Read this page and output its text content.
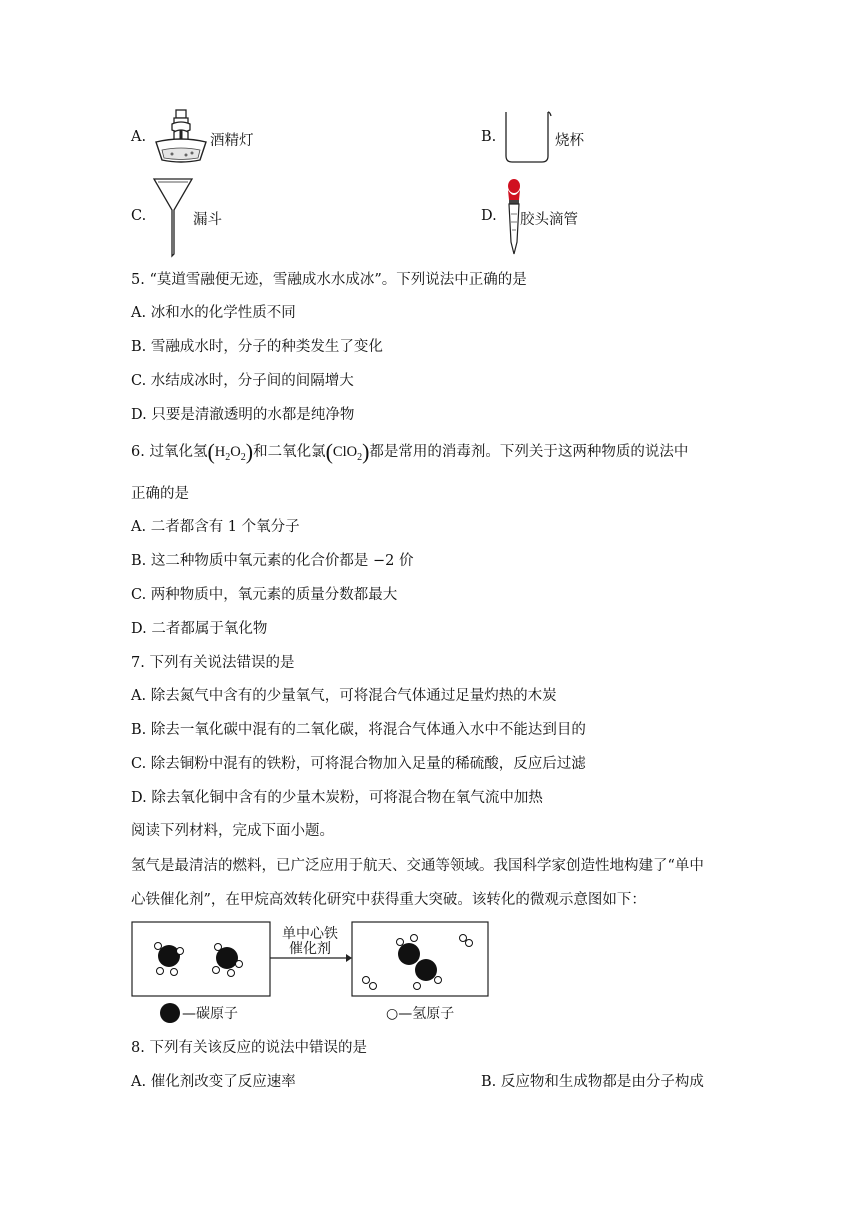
A.	酒精灯	B.	烧杯
C.	漏斗	D. 胶头滴管
5. “莫道雪融便无迹，雪融成水水成冰”。下列说法中正确的是
A. 冰和水的化学性质不同
B. 雪融成水时，分子的种类发生了变化
C. 水结成冰时，分子间的间隔增大
D. 只要是清澈透明的水都是纯净物
6. 过氧化氢$(H_2O_2)$和二氧化氯(ClO$_2$)都是常用的消毒剂。下列关于这两种物质的说法中
正确的是
A. 二者都含有 1 个氧分子
B. 这二种物质中氧元素的化合价都是 −2 价
C. 两种物质中，氧元素的质量分数都最大
D. 二者都属于氧化物
7. 下列有关说法错误的是
A. 除去氮气中含有的少量氧气，可将混合气体通过足量灼热的木炭
B. 除去一氧化碳中混有的二氧化碳，将混合气体通入水中不能达到目的
C. 除去铜粉中混有的铁粉，可将混合物加入足量的稀硫酸，反应后过滤
D. 除去氧化铜中含有的少量木炭粉，可将混合物在氧气流中加热
阅读下列材料，完成下面小题。
氢气是最清洁的燃料，已广泛应用于航天、交通等领域。我国科学家创造性地构建了“单中
心铁催化剂”，在甲烷高效转化研究中获得重大突破。该转化的微观示意图如下：
单中心铁
催化剂
—碳原子	○—氢原子
8. 下列有关该反应的说法中错误的是
A. 催化剂改变了反应速率	B. 反应物和生成物都是由分子构成
